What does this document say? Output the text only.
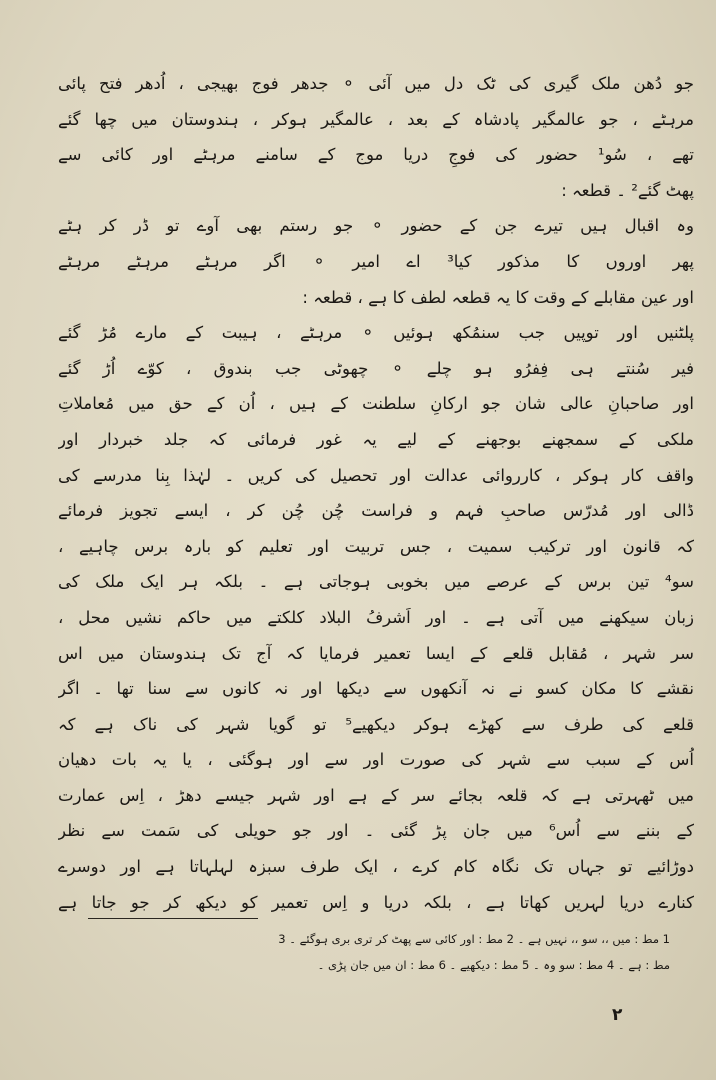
جو دُھن ملک گیری کی ٹک دل میں آئی ⚬ جدھر فوج بھیجی ، اُدھر فتح پائی
مرہٹے ، جو عالمگیر پادشاہ کے بعد ، عالمگیر ہوکر ، ہندوستان میں چھا گئے
تھے ، سُو¹ حضور کی فوجِ دریا موج کے سامنے مرہٹے اور کائی سے
پھٹ گئے² ۔ قطعہ :
وہ اقبال ہیں تیرے جن کے حضور ⚬ جو رستم بھی آوے تو ڈر کر ہٹے
پھر اوروں کا مذکور کیا³ اے امیر ⚬ اگر مرہٹے مرہٹے مرہٹے
اور عین مقابلے کے وقت کا یہ قطعہ لطف کا ہے ، قطعہ :
پلٹنیں اور توپیں جب سنمُکھ ہوئیں ⚬ مرہٹے ، ہیبت کے مارے مُڑ گئے
فیر سُنتے ہی فِفرُو ہو چلے ⚬ چھوٹی جب بندوق ، کوّے اُڑ گئے
اور صاحبانِ عالی شان جو ارکانِ سلطنت کے ہیں ، اُن کے حق میں مُعاملاتِ
ملکی کے سمجھنے بوجھنے کے لیے یہ غور فرمائی کہ جلد خبردار اور
واقف کار ہوکر ، کارروائی عدالت اور تحصیل کی کریں ۔ لہٰذا بِنا مدرسے کی
ڈالی اور مُدرّس صاحبِ فہم و فراست چُن چُن کر ، ایسے تجویز فرمائے
کہ قانون اور ترکیب سمیت ، جس تربیت اور تعلیم کو بارہ برس چاہیے ،
سو⁴ تین برس کے عرصے میں بخوبی ہوجاتی ہے ۔ بلکہ ہر ایک ملک کی
زبان سیکھنے میں آتی ہے ۔ اور اَشرفُ البلاد کلکتے میں حاکم نشیں محل ،
سر شہر ، مُقابل قلعے کے ایسا تعمیر فرمایا کہ آج تک ہندوستان میں اس
نقشے کا مکان کسو نے نہ آنکھوں سے دیکھا اور نہ کانوں سے سنا تھا ۔ اگر
قلعے کی طرف سے کھڑے ہوکر دیکھیے⁵ تو گویا شہر کی ناک ہے کہ
اُس کے سبب سے شہر کی صورت اور سے اور ہوگئی ، یا یہ بات دھیان
میں ٹھہرتی ہے کہ قلعہ بجائے سر کے ہے اور شہر جیسے دھڑ ، اِس عمارت
کے بننے سے اُس⁶ میں جان پڑ گئی ۔ اور جو حویلی کی سَمت سے نظر
دوڑائیے تو جہاں تک نگاہ کام کرے ، ایک طرف سبزہ لہلہاتا ہے اور دوسرے
کنارے دریا لہریں کھاتا ہے ، بلکہ دریا و اِس تعمیر کو دیکھ کر جو جاتا ہے
1 مط : میں ،، سو ،، نہیں ہے ۔ 2 مط : اور کائی سے پھٹ کر تری بری ہوگئے ۔ 3
مط : ہے ۔ 4 مط : سو وہ ۔ 5 مط : دیکھیے ۔ 6 مط : ان میں جان پڑی ۔
۲
